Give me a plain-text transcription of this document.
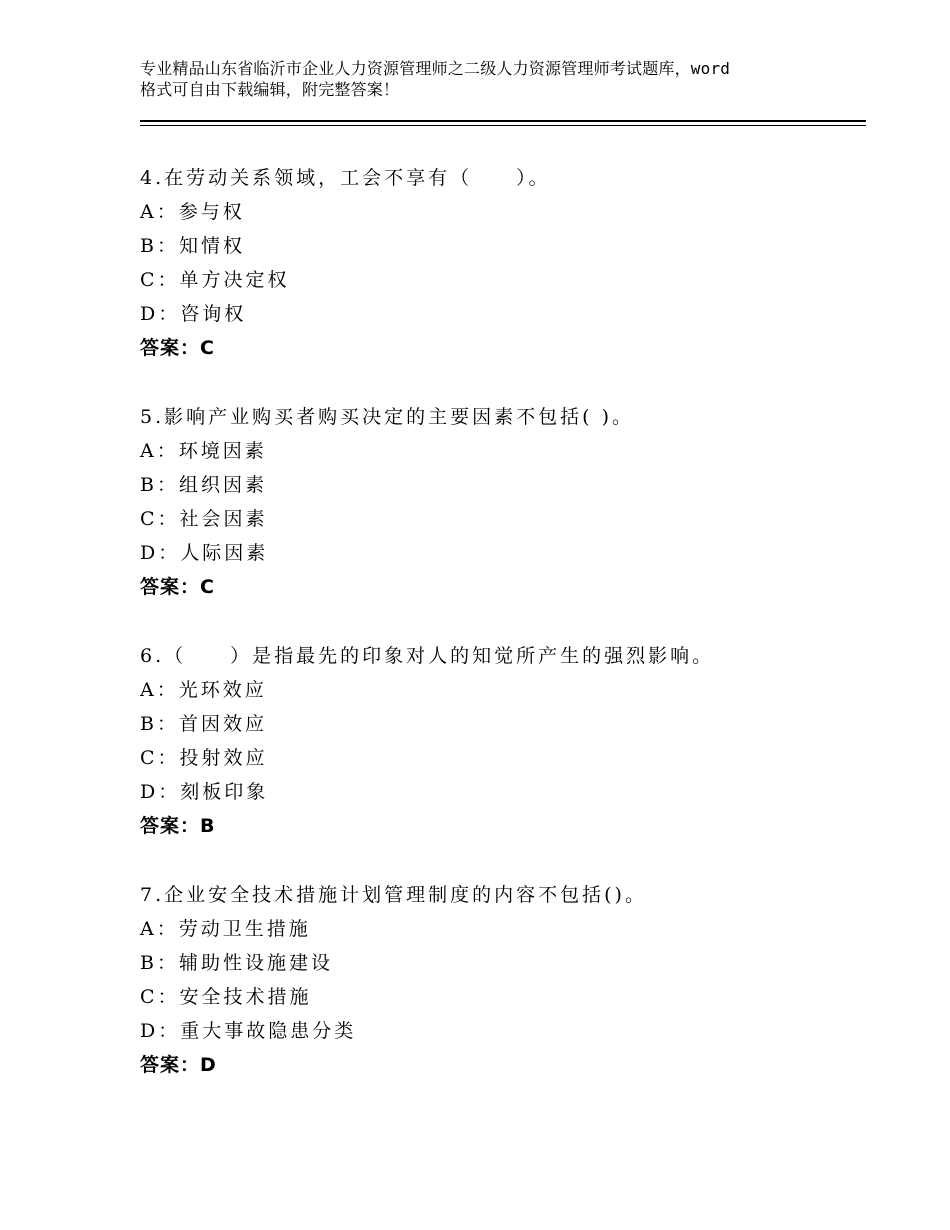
专业精品山东省临沂市企业人力资源管理师之二级人力资源管理师考试题库，word
格式可自由下载编辑，附完整答案！
4.在劳动关系领域，工会不享有（　　）。
A：参与权
B：知情权
C：单方决定权
D：咨询权
答案：C
5.影响产业购买者购买决定的主要因素不包括( )。
A：环境因素
B：组织因素
C：社会因素
D：人际因素
答案：C
6.（　　）是指最先的印象对人的知觉所产生的强烈影响。
A：光环效应
B：首因效应
C：投射效应
D：刻板印象
答案：B
7.企业安全技术措施计划管理制度的内容不包括()。
A：劳动卫生措施
B：辅助性设施建设
C：安全技术措施
D：重大事故隐患分类
答案：D
